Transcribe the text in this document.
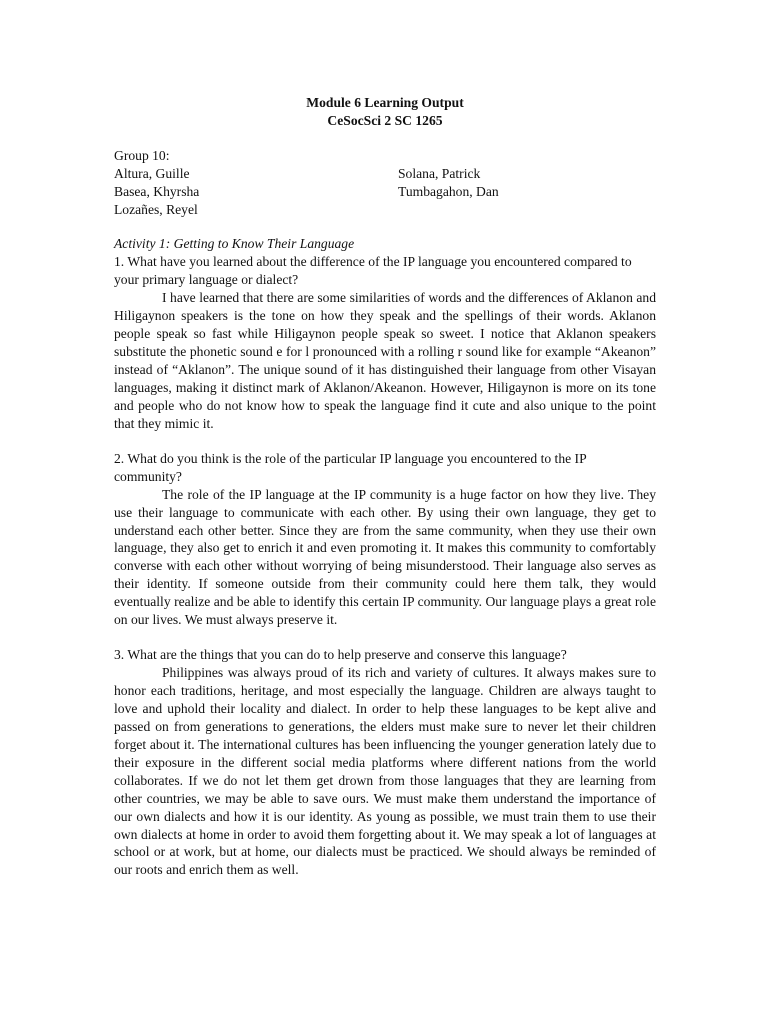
Module 6 Learning Output

CeSocSci 2 SC 1265

Group 10:

Altura, Guille	Solana, Patrick
Basea, Khyrsha	Tumbagahon, Dan
Lozañes, Reyel

Activity 1: Getting to Know Their Language

1. What have you learned about the difference of the IP language you encountered compared to your primary language or dialect?

I have learned that there are some similarities of words and the differences of Aklanon and Hiligaynon speakers is the tone on how they speak and the spellings of their words. Aklanon people speak so fast while Hiligaynon people speak so sweet. I notice that Aklanon speakers substitute the phonetic sound e for l pronounced with a rolling r sound like for example “Akeanon” instead of “Aklanon”. The unique sound of it has distinguished their language from other Visayan languages, making it distinct mark of Aklanon/Akeanon. However, Hiligaynon is more on its tone and people who do not know how to speak the language find it cute and also unique to the point that they mimic it.

2. What do you think is the role of the particular IP language you encountered to the IP community?

The role of the IP language at the IP community is a huge factor on how they live. They use their language to communicate with each other. By using their own language, they get to understand each other better. Since they are from the same community, when they use their own language, they also get to enrich it and even promoting it. It makes this community to comfortably converse with each other without worrying of being misunderstood. Their language also serves as their identity. If someone outside from their community could here them talk, they would eventually realize and be able to identify this certain IP community. Our language plays a great role on our lives. We must always preserve it.

3. What are the things that you can do to help preserve and conserve this language?

Philippines was always proud of its rich and variety of cultures. It always makes sure to honor each traditions, heritage, and most especially the language. Children are always taught to love and uphold their locality and dialect. In order to help these languages to be kept alive and passed on from generations to generations, the elders must make sure to never let their children forget about it. The international cultures has been influencing the younger generation lately due to their exposure in the different social media platforms where different nations from the world collaborates. If we do not let them get drown from those languages that they are learning from other countries, we may be able to save ours. We must make them understand the importance of our own dialects and how it is our identity. As young as possible, we must train them to use their own dialects at home in order to avoid them forgetting about it. We may speak a lot of languages at school or at work, but at home, our dialects must be practiced. We should always be reminded of our roots and enrich them as well.
